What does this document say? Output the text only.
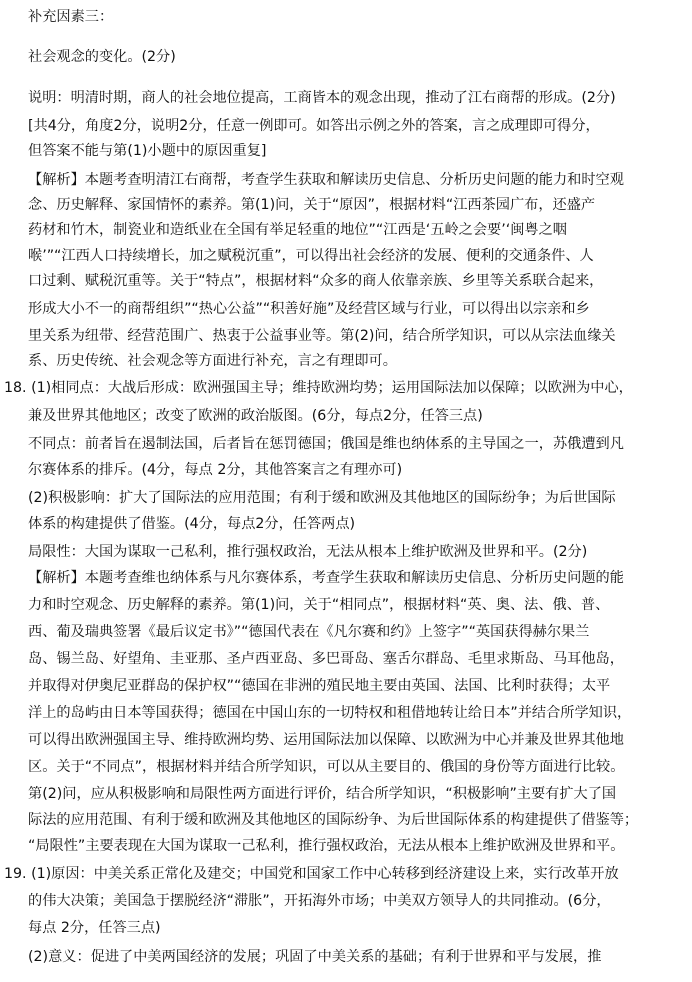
补充因素三：
社会观念的变化。(2分)
说明：明清时期，商人的社会地位提高，工商皆本的观念出现，推动了江右商帮的形成。(2分)
[共4分，角度2分，说明2分，任意一例即可。如答出示例之外的答案，言之成理即可得分，
但答案不能与第(1)小题中的原因重复]
【解析】本题考查明清江右商帮，考查学生获取和解读历史信息、分析历史问题的能力和时空观
念、历史解释、家国情怀的素养。第(1)问，关于“原因”，根据材料“江西茶园广布，还盛产
药材和竹木，制瓷业和造纸业在全国有举足轻重的地位”“江西是‘五岭之会要’‘闽粤之咽
喉’”“江西人口持续增长，加之赋税沉重”，可以得出社会经济的发展、便利的交通条件、人
口过剩、赋税沉重等。关于“特点”，根据材料“众多的商人依靠亲族、乡里等关系联合起来，
形成大小不一的商帮组织”“热心公益”“积善好施”及经营区域与行业，可以得出以宗亲和乡
里关系为纽带、经营范围广、热衷于公益事业等。第(2)问，结合所学知识，可以从宗法血缘关
系、历史传统、社会观念等方面进行补充，言之有理即可。
18. (1)相同点：大战后形成：欧洲强国主导；维持欧洲均势；运用国际法加以保障；以欧洲为中心，
兼及世界其他地区；改变了欧洲的政治版图。(6分，每点2分，任答三点)
不同点：前者旨在遏制法国，后者旨在惩罚德国；俄国是维也纳体系的主导国之一，苏俄遭到凡
尔赛体系的排斥。(4分，每点 2分，其他答案言之有理亦可)
(2)积极影响：扩大了国际法的应用范围；有利于缓和欧洲及其他地区的国际纷争；为后世国际
体系的构建提供了借鉴。(4分，每点2分，任答两点)
局限性：大国为谋取一己私利，推行强权政治，无法从根本上维护欧洲及世界和平。(2分)
【解析】本题考查维也纳体系与凡尔赛体系，考查学生获取和解读历史信息、分析历史问题的能
力和时空观念、历史解释的素养。第(1)问，关于“相同点”，根据材料“英、奥、法、俄、普、
西、葡及瑞典签署《最后议定书》”“德国代表在《凡尔赛和约》上签字”“英国获得赫尔果兰
岛、锡兰岛、好望角、圭亚那、圣卢西亚岛、多巴哥岛、塞舌尔群岛、毛里求斯岛、马耳他岛，
并取得对伊奥尼亚群岛的保护权”“德国在非洲的殖民地主要由英国、法国、比利时获得；太平
洋上的岛屿由日本等国获得；德国在中国山东的一切特权和租借地转让给日本”并结合所学知识，
可以得出欧洲强国主导、维持欧洲均势、运用国际法加以保障、以欧洲为中心并兼及世界其他地
区。关于“不同点”，根据材料并结合所学知识，可以从主要目的、俄国的身份等方面进行比较。
第(2)问，应从积极影响和局限性两方面进行评价，结合所学知识，“积极影响”主要有扩大了国
际法的应用范围、有利于缓和欧洲及其他地区的国际纷争、为后世国际体系的构建提供了借鉴等；
“局限性”主要表现在大国为谋取一己私利，推行强权政治，无法从根本上维护欧洲及世界和平。
19. (1)原因：中美关系正常化及建交；中国党和国家工作中心转移到经济建设上来，实行改革开放
的伟大决策；美国急于摆脱经济“滞胀”，开拓海外市场；中美双方领导人的共同推动。(6分，
每点 2分，任答三点)
(2)意义：促进了中美两国经济的发展；巩固了中美关系的基础；有利于世界和平与发展，推
